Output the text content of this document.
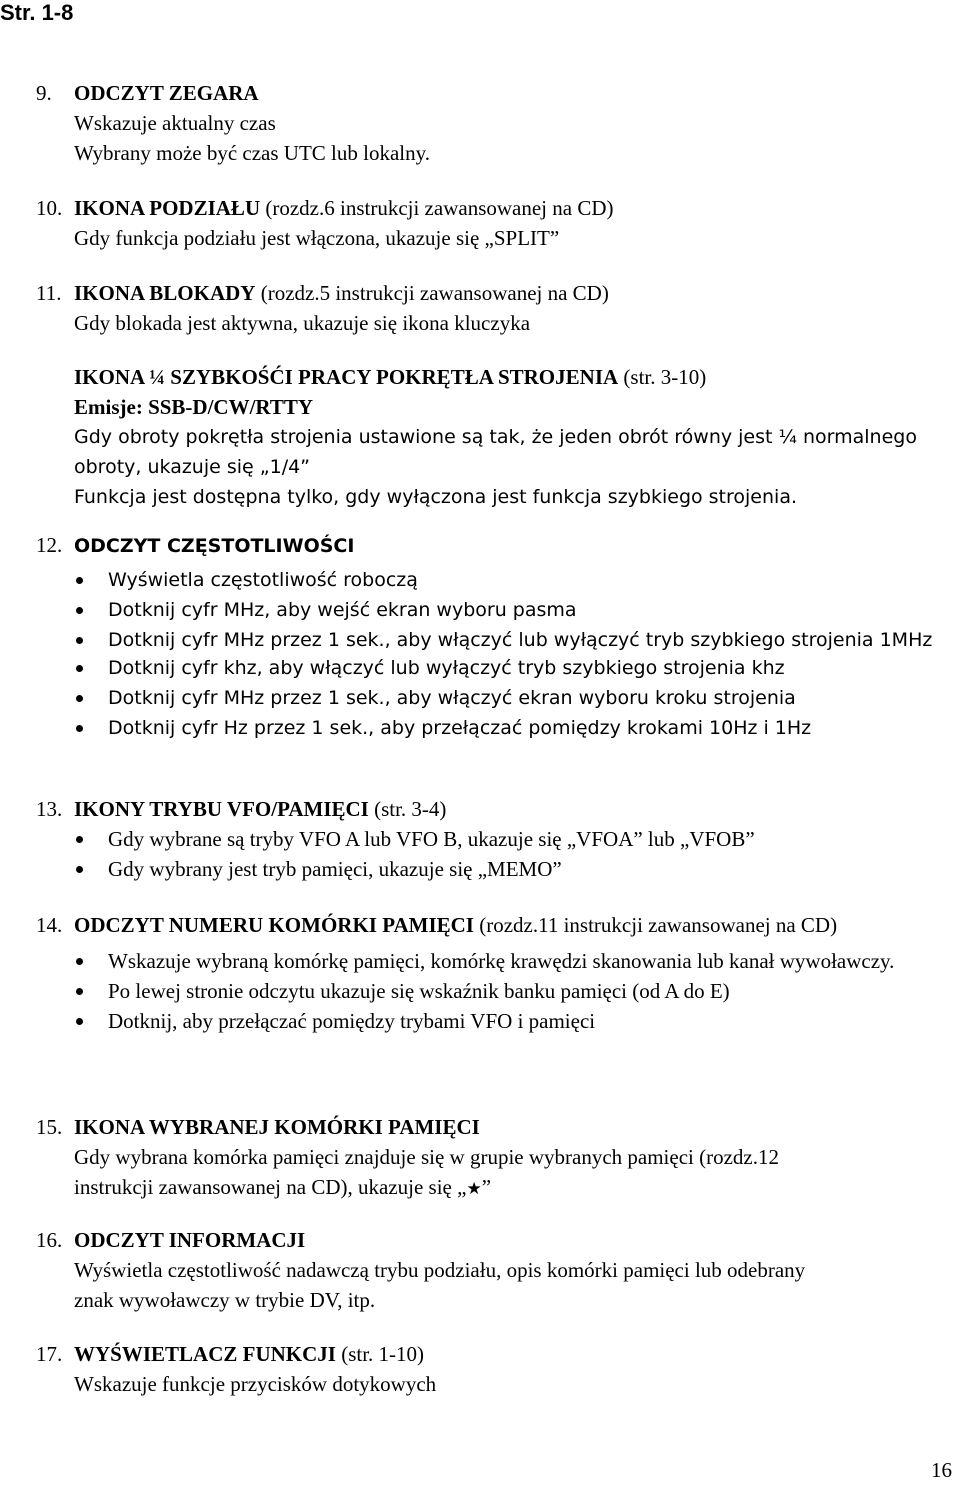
Str. 1-8
9. ODCZYT ZEGARA
Wskazuje aktualny czas
Wybrany może być czas UTC lub lokalny.
10. IKONA PODZIAŁU (rozdz.6 instrukcji zawansowanej na CD)
Gdy funkcja podziału jest włączona, ukazuje się „SPLIT”
11. IKONA BLOKADY (rozdz.5 instrukcji zawansowanej na CD)
Gdy blokada jest aktywna, ukazuje się ikona kluczyka
IKONA ¼ SZYBKOŚĆI PRACY POKRĘTŁA STROJENIA (str. 3-10)
Emisje: SSB-D/CW/RTTY
Gdy obroty pokrętła strojenia ustawione są tak, że jeden obrót równy jest ¼ normalnego
obroty, ukazuje się „1/4”
Funkcja jest dostępna tylko, gdy wyłączona jest funkcja szybkiego strojenia.
12. ODCZYT CZĘSTOTLIWOŚCI
Wyświetla częstotliwość roboczą
Dotknij cyfr MHz, aby wejść ekran wyboru pasma
Dotknij cyfr MHz przez 1 sek., aby włączyć lub wyłączyć tryb szybkiego strojenia 1MHz
Dotknij cyfr khz, aby włączyć lub wyłączyć tryb szybkiego strojenia khz
Dotknij cyfr MHz przez 1 sek., aby włączyć ekran wyboru kroku strojenia
Dotknij cyfr Hz przez 1 sek., aby przełączać pomiędzy krokami 10Hz i 1Hz
13. IKONY TRYBU VFO/PAMIĘCI (str. 3-4)
Gdy wybrane są tryby VFO A lub VFO B, ukazuje się „VFOA” lub „VFOB”
Gdy wybrany jest tryb pamięci, ukazuje się „MEMO”
14. ODCZYT NUMERU KOMÓRKI PAMIĘCI (rozdz.11 instrukcji zawansowanej na CD)
Wskazuje wybraną komórkę pamięci, komórkę krawędzi skanowania lub kanał wywoławczy.
Po lewej stronie odczytu ukazuje się wskaźnik banku pamięci (od A do E)
Dotknij, aby przełączać pomiędzy trybami VFO i pamięci
15. IKONA WYBRANEJ KOMÓRKI PAMIĘCI
Gdy wybrana komórka pamięci znajduje się w grupie wybranych pamięci (rozdz.12
instrukcji zawansowanej na CD), ukazuje się „★”
16. ODCZYT INFORMACJI
Wyświetla częstotliwość nadawczą trybu podziału, opis komórki pamięci lub odebrany
znak wywoławczy w trybie DV, itp.
17. WYŚWIETLACZ FUNKCJI (str. 1-10)
Wskazuje funkcje przycisków dotykowych
16
